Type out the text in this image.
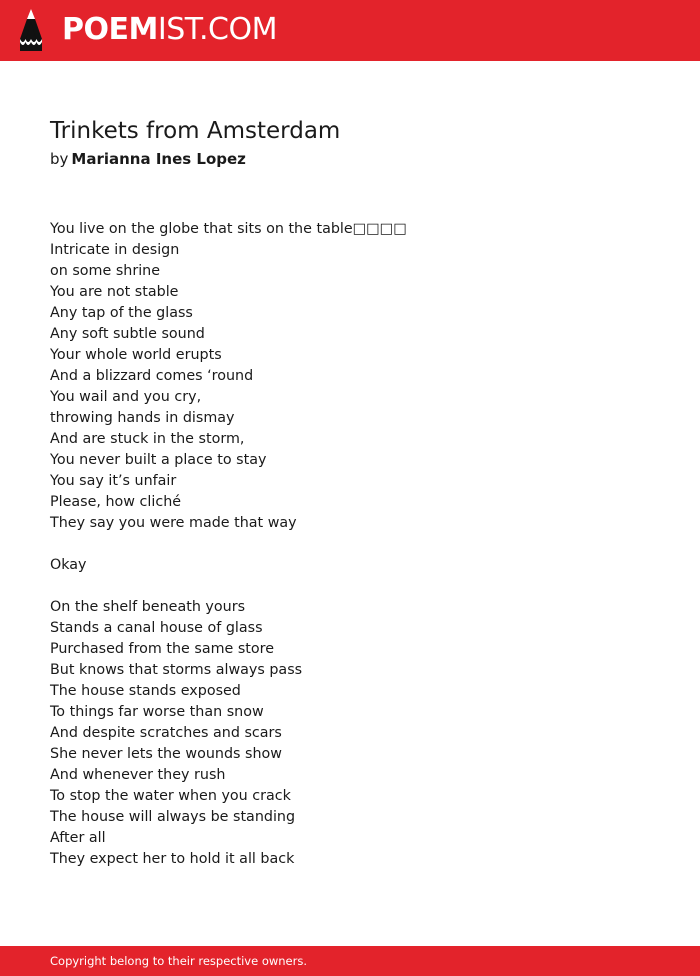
POEMIST.COM
Trinkets from Amsterdam
by Marianna Ines Lopez
You live on the globe that sits on the table□□□□
Intricate in design
on some shrine
You are not stable
Any tap of the glass
Any soft subtle sound
Your whole world erupts
And a blizzard comes ‘round
You wail and you cry,
throwing hands in dismay
And are stuck in the storm,
You never built a place to stay
You say it’s unfair
Please, how cliché
They say you were made that way
Okay
On the shelf beneath yours
Stands a canal house of glass
Purchased from the same store
But knows that storms always pass
The house stands exposed
To things far worse than snow
And despite scratches and scars
She never lets the wounds show
And whenever they rush
To stop the water when you crack
The house will always be standing
After all
They expect her to hold it all back
Copyright belong to their respective owners.
